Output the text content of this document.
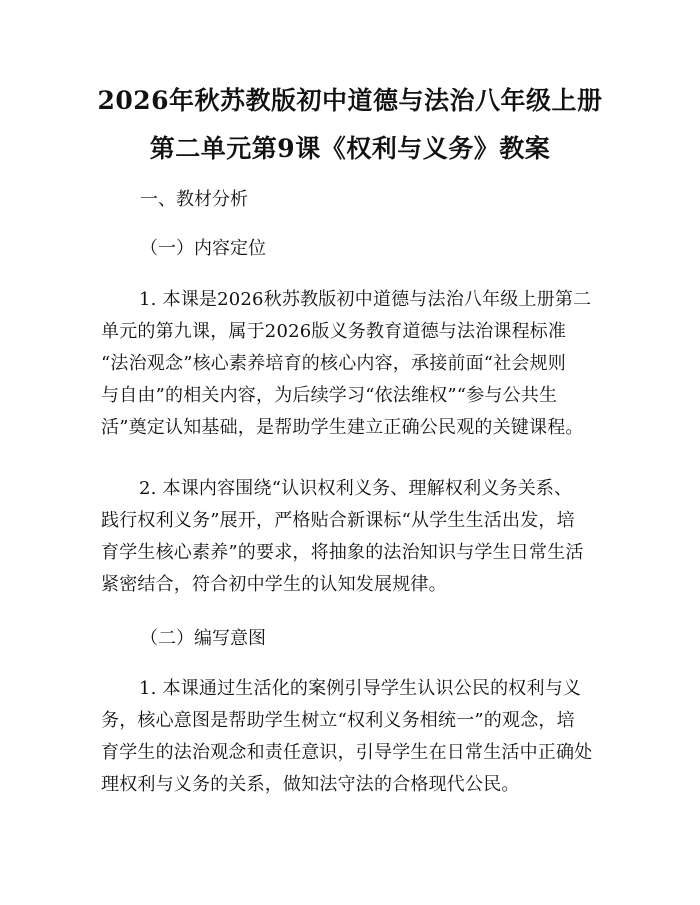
2026年秋苏教版初中道德与法治八年级上册
第二单元第9课《权利与义务》教案
一、教材分析
（一）内容定位
1. 本课是2026秋苏教版初中道德与法治八年级上册第二
单元的第九课，属于2026版义务教育道德与法治课程标准
“法治观念”核心素养培育的核心内容，承接前面“社会规则
与自由”的相关内容，为后续学习“依法维权”“参与公共生
活”奠定认知基础，是帮助学生建立正确公民观的关键课程。
2. 本课内容围绕“认识权利义务、理解权利义务关系、
践行权利义务”展开，严格贴合新课标“从学生生活出发，培
育学生核心素养”的要求，将抽象的法治知识与学生日常生活
紧密结合，符合初中学生的认知发展规律。
（二）编写意图
1. 本课通过生活化的案例引导学生认识公民的权利与义
务，核心意图是帮助学生树立“权利义务相统一”的观念，培
育学生的法治观念和责任意识，引导学生在日常生活中正确处
理权利与义务的关系，做知法守法的合格现代公民。
